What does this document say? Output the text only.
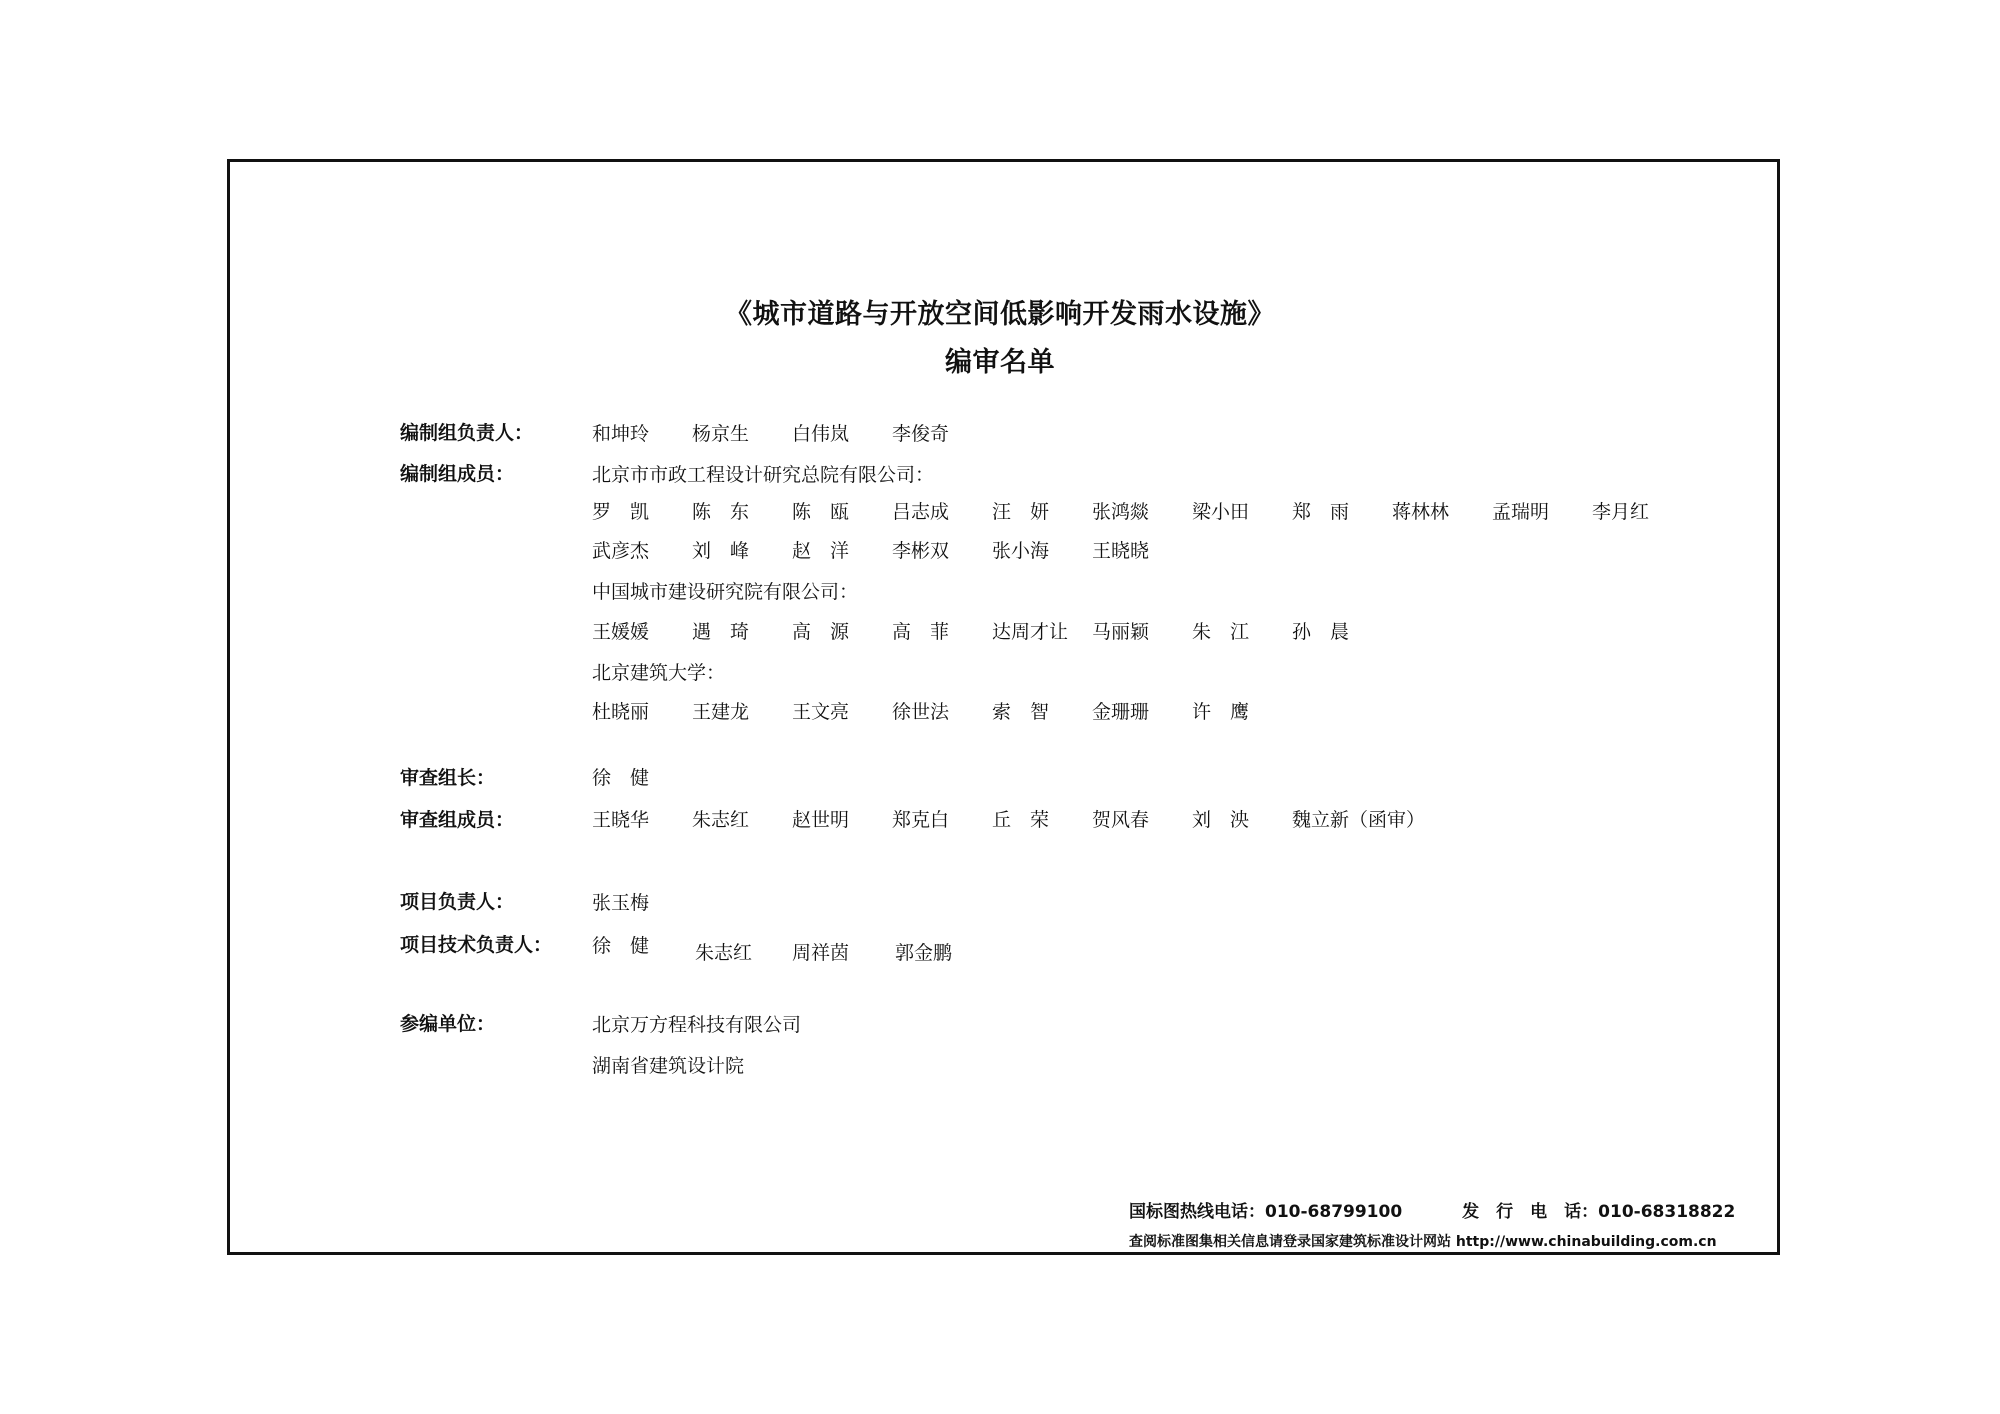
《城市道路与开放空间低影响开发雨水设施》
编审名单
编制组负责人：	和坤玲 杨京生 白伟岚 李俊奇
编制组成员：	北京市市政工程设计研究总院有限公司：
罗　凯 陈　东 陈　瓯 吕志成 汪　妍 张鸿燚 梁小田 郑　雨 蒋林林 孟瑞明 李月红
武彦杰 刘　峰 赵　洋 李彬双 张小海 王晓晓
中国城市建设研究院有限公司：
王媛媛 遇　琦 高　源 高　菲 达周才让 马丽颖 朱　江 孙　晨
北京建筑大学：
杜晓丽 王建龙 王文亮 徐世法 索　智 金珊珊 许　鹰
审查组长：	徐　健
审查组成员：	王晓华 朱志红 赵世明 郑克白 丘　荣 贺风春 刘　泱 魏立新（函审）
项目负责人：	张玉梅
项目技术负责人： 徐　健 朱志红 周祥茵 郭金鹏
参编单位：	北京万方程科技有限公司
湖南省建筑设计院
国标图热线电话：010-68799100	发　行　电　话：010-68318822
查阅标准图集相关信息请登录国家建筑标准设计网站 http://www.chinabuilding.com.cn
